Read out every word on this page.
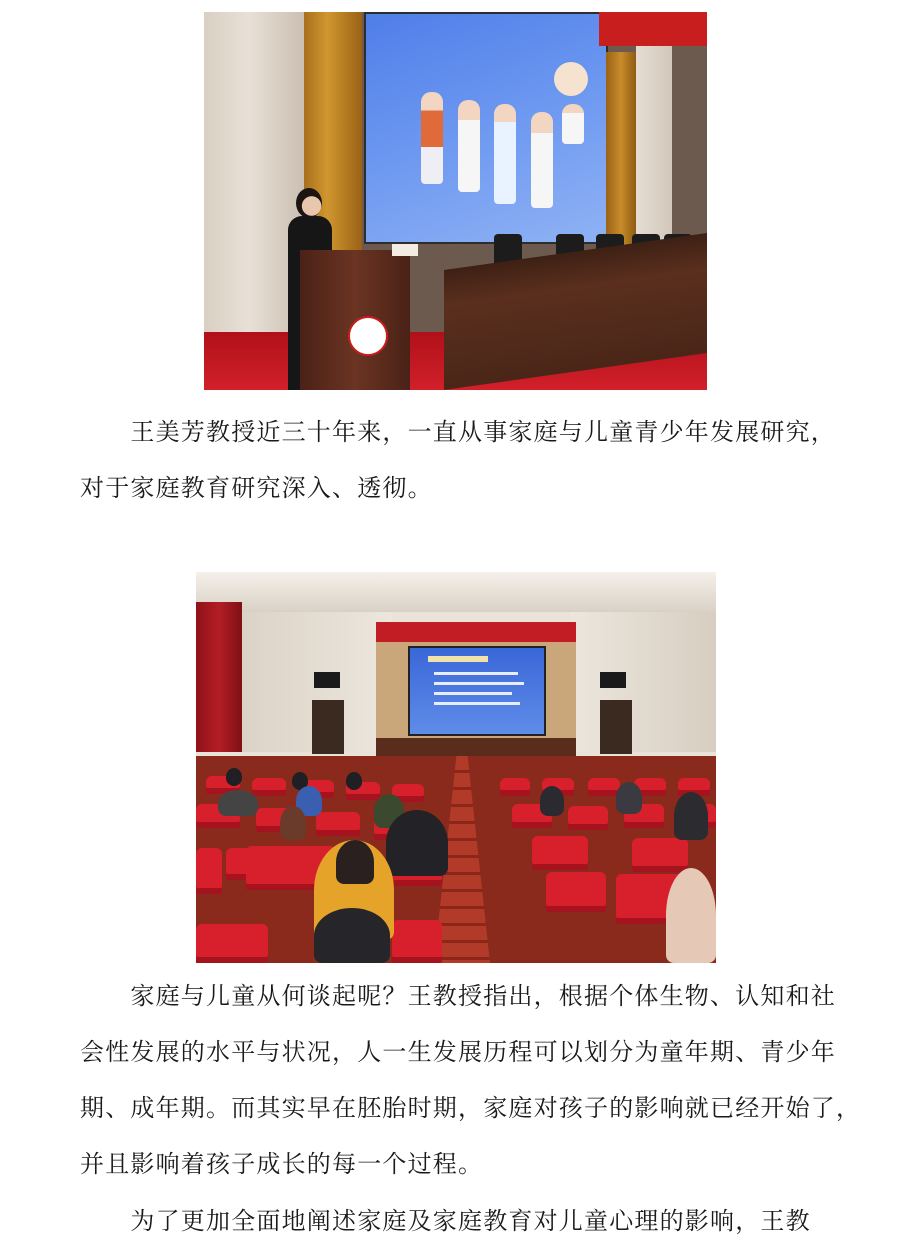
　　王美芳教授近三十年来，一直从事家庭与儿童青少年发展研究，
对于家庭教育研究深入、透彻。

　　家庭与儿童从何谈起呢？王教授指出，根据个体生物、认知和社
会性发展的水平与状况，人一生发展历程可以划分为童年期、青少年
期、成年期。而其实早在胚胎时期，家庭对孩子的影响就已经开始了，
并且影响着孩子成长的每一个过程。

　　为了更加全面地阐述家庭及家庭教育对儿童心理的影响，王教
